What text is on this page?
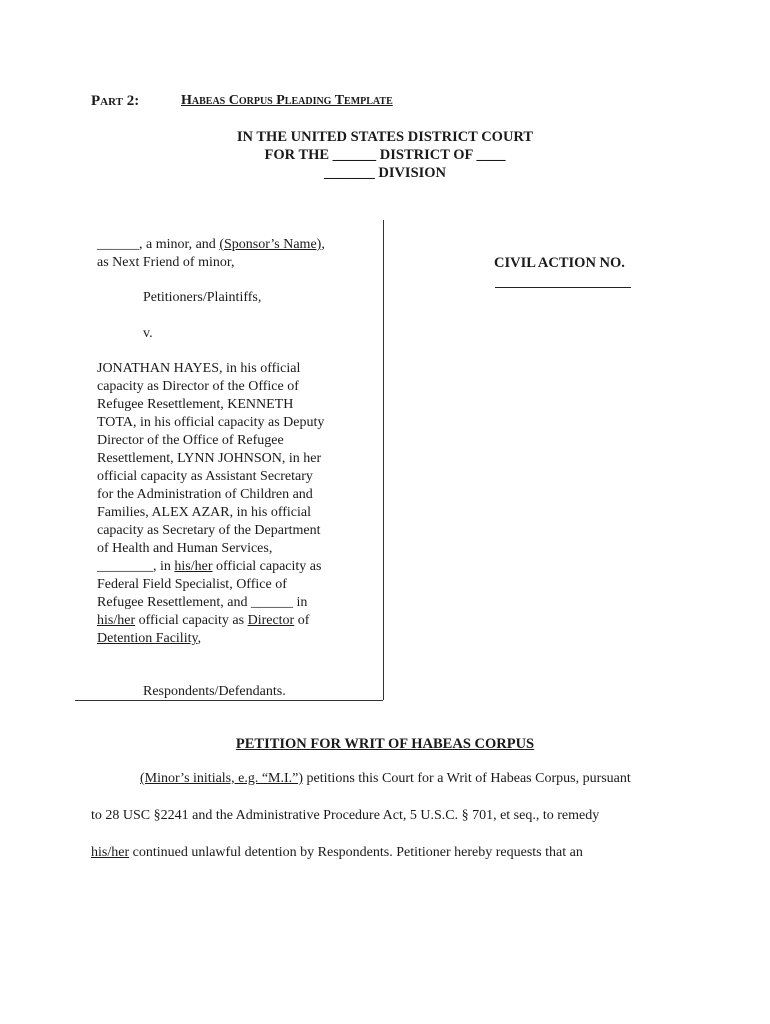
Part 2:	Habeas Corpus Pleading Template
IN THE UNITED STATES DISTRICT COURT
FOR THE ______ DISTRICT OF ____
_______ DIVISION

______, a minor, and (Sponsor’s Name),

as Next Friend of minor,

Petitioners/Plaintiffs,

v.

JONATHAN HAYES, in his official

capacity as Director of the Office of

Refugee Resettlement, KENNETH

TOTA, in his official capacity as Deputy

Director of the Office of Refugee

Resettlement, LYNN JOHNSON, in her

official capacity as Assistant Secretary

for the Administration of Children and

Families, ALEX AZAR, in his official

capacity as Secretary of the Department

of Health and Human Services,

________, in his/her official capacity as

Federal Field Specialist, Office of

Refugee Resettlement, and ______ in

his/her official capacity as Director of

Detention Facility,

Respondents/Defendants.

CIVIL ACTION NO.
PETITION FOR WRIT OF HABEAS CORPUS
(Minor’s initials, e.g. “M.I.”) petitions this Court for a Writ of Habeas Corpus, pursuant
to 28 USC §2241 and the Administrative Procedure Act, 5 U.S.C. § 701, et seq., to remedy
his/her continued unlawful detention by Respondents. Petitioner hereby requests that an
